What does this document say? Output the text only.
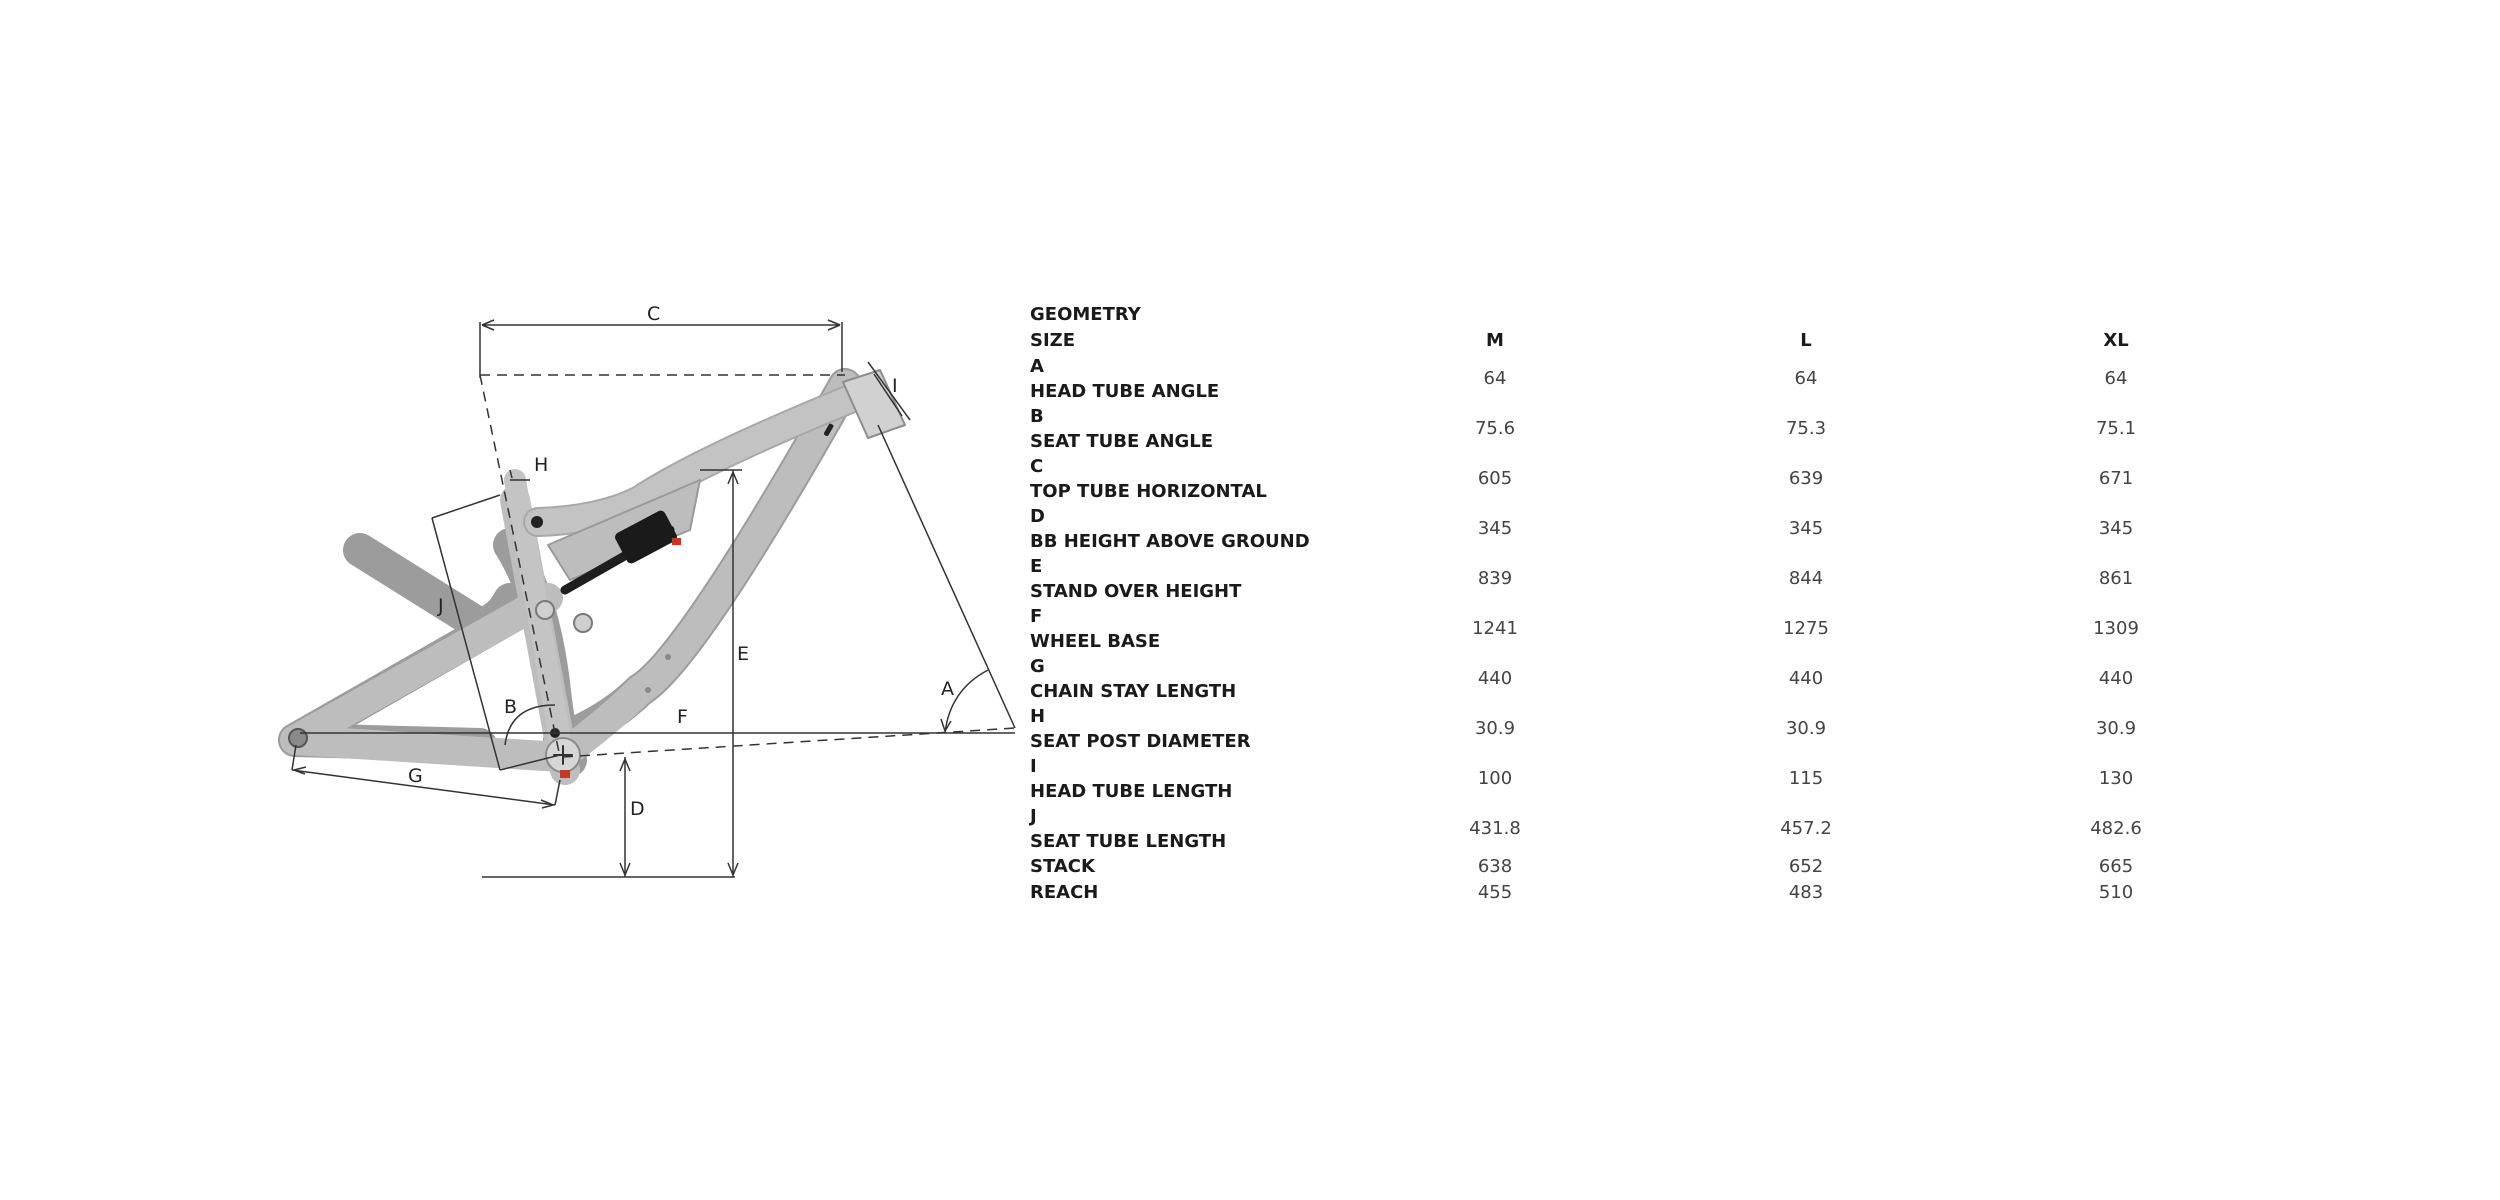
C
H
I
J
E
B	F
A
G
D
GEOMETRY
SIZE	M	L	XL
A
HEAD TUBE ANGLE
64	64	64
B
SEAT TUBE ANGLE
75.6	75.3	75.1
C
TOP TUBE HORIZONTAL
605	639	671
D
BB HEIGHT ABOVE GROUND
345	345	345
E
STAND OVER HEIGHT
839	844	861
F
WHEEL BASE
1241	1275	1309
G
CHAIN STAY LENGTH
440	440	440
H
SEAT POST DIAMETER
30.9	30.9	30.9
I
HEAD TUBE LENGTH
100	115	130
J
SEAT TUBE LENGTH
431.8	457.2	482.6
STACK	638	652	665
REACH	455	483	510
